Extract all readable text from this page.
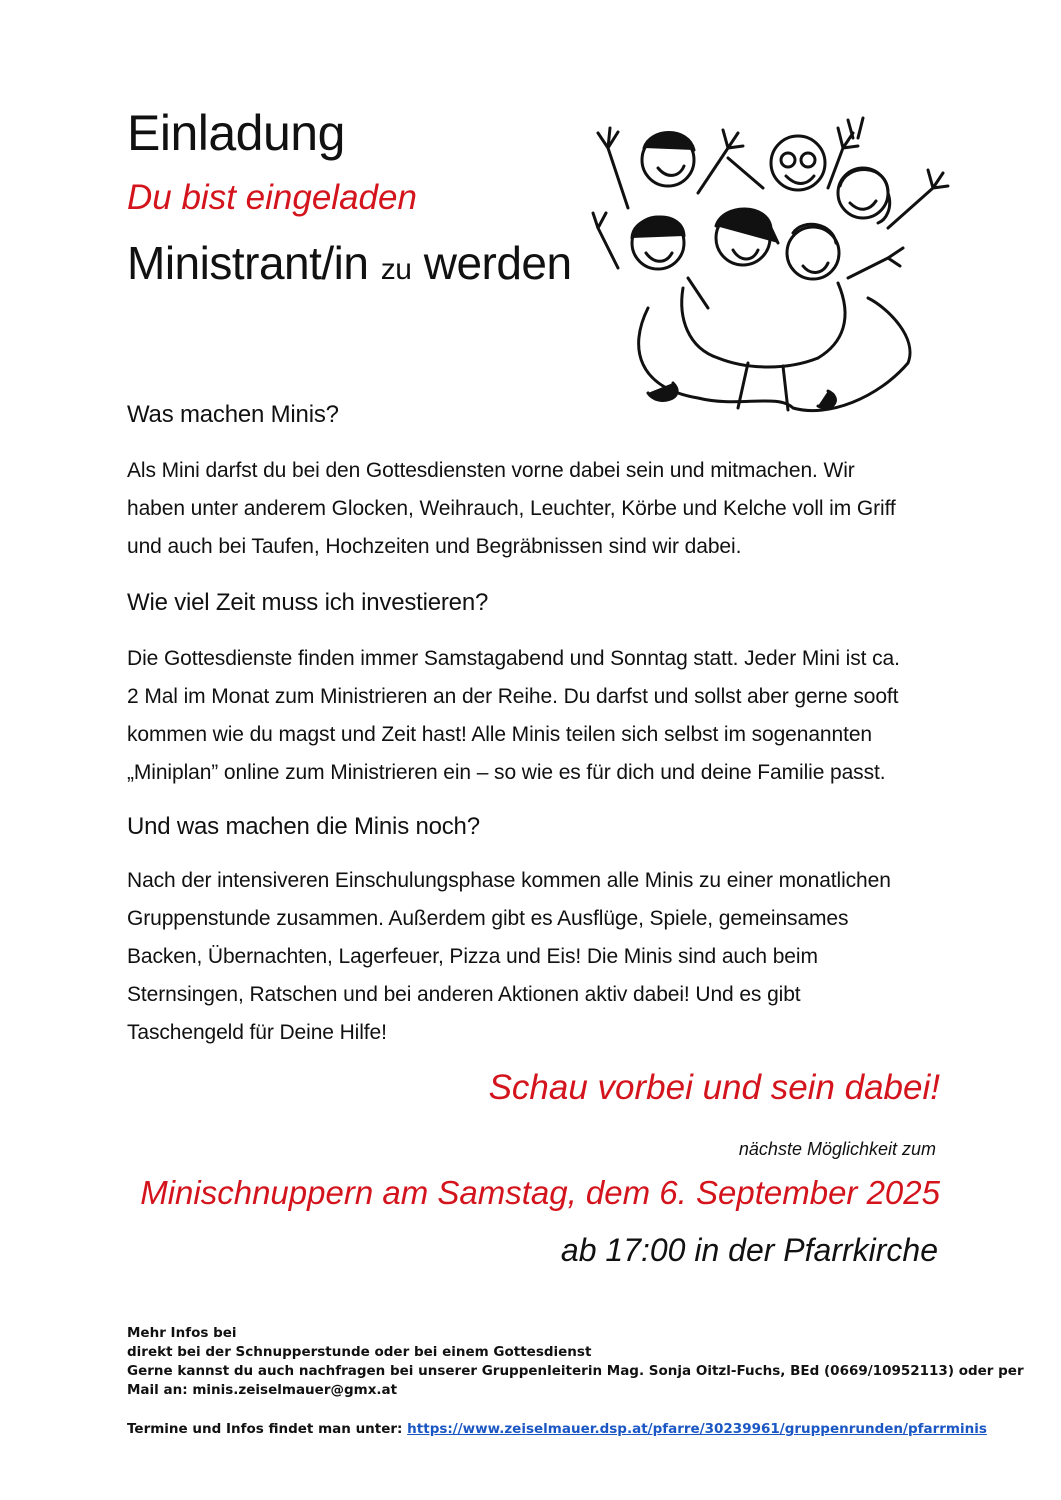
Einladung
Du bist eingeladen
Ministrant/in zu werden
Was machen Minis?
Als Mini darfst du bei den Gottesdiensten vorne dabei sein und mitmachen. Wir
haben unter anderem Glocken, Weihrauch, Leuchter, Körbe und Kelche voll im Griff
und auch bei Taufen, Hochzeiten und Begräbnissen sind wir dabei.
Wie viel Zeit muss ich investieren?
Die Gottesdienste finden immer Samstagabend und Sonntag statt. Jeder Mini ist ca.
2 Mal im Monat zum Ministrieren an der Reihe. Du darfst und sollst aber gerne sooft
kommen wie du magst und Zeit hast! Alle Minis teilen sich selbst im sogenannten
„Miniplan” online zum Ministrieren ein – so wie es für dich und deine Familie passt.
Und was machen die Minis noch?
Nach der intensiveren Einschulungsphase kommen alle Minis zu einer monatlichen
Gruppenstunde zusammen. Außerdem gibt es Ausflüge, Spiele, gemeinsames
Backen, Übernachten, Lagerfeuer, Pizza und Eis! Die Minis sind auch beim
Sternsingen, Ratschen und bei anderen Aktionen aktiv dabei! Und es gibt
Taschengeld für Deine Hilfe!
Schau vorbei und sein dabei!
nächste Möglichkeit zum
Minischnuppern am Samstag, dem 6. September 2025
ab 17:00 in der Pfarrkirche
Mehr Infos bei
direkt bei der Schnupperstunde oder bei einem Gottesdienst
Gerne kannst du auch nachfragen bei unserer Gruppenleiterin Mag. Sonja Oitzl-Fuchs, BEd (0669/10952113) oder per
Mail an: minis.zeiselmauer@gmx.at
Termine und Infos findet man unter: https://www.zeiselmauer.dsp.at/pfarre/30239961/gruppenrunden/pfarrminis
